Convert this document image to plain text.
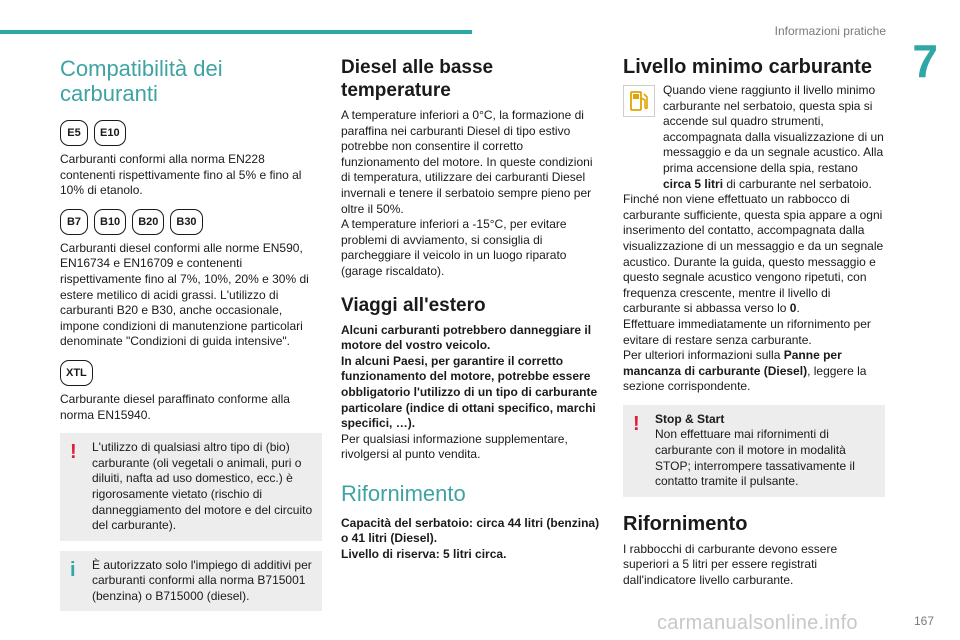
Informazioni pratiche
7
Compatibilità dei carburanti
E5	E10

Carburanti conformi alla norma EN228 contenenti rispettivamente fino al 5% e fino al 10% di etanolo.

B7	B10	B20	B30

Carburanti diesel conformi alle norme EN590, EN16734 e EN16709 e contenenti rispettivamente fino al 7%, 10%, 20% e 30% di estere metilico di acidi grassi. L'utilizzo di carburanti B20 e B30, anche occasionale, impone condizioni di manutenzione particolari denominate "Condizioni di guida intensive".

XTL

Carburante diesel paraffinato conforme alla norma EN15940.

! L'utilizzo di qualsiasi altro tipo di (bio) carburante (oli vegetali o animali, puri o diluiti, nafta ad uso domestico, ecc.) è rigorosamente vietato (rischio di danneggiamento del motore e del circuito del carburante).

i È autorizzato solo l'impiego di additivi per carburanti conformi alla norma B715001 (benzina) o B715000 (diesel).

Diesel alle basse temperature

A temperature inferiori a 0°C, la formazione di paraffina nei carburanti Diesel di tipo estivo potrebbe non consentire il corretto funzionamento del motore. In queste condizioni di temperatura, utilizzare dei carburanti Diesel invernali e tenere il serbatoio sempre pieno per oltre il 50%.

A temperature inferiori a -15°C, per evitare problemi di avviamento, si consiglia di parcheggiare il veicolo in un luogo riparato (garage riscaldato).

Viaggi all'estero

Alcuni carburanti potrebbero danneggiare il motore del vostro veicolo.

In alcuni Paesi, per garantire il corretto funzionamento del motore, potrebbe essere obbligatorio l'utilizzo di un tipo di carburante particolare (indice di ottani specifico, marchi specifici, …).

Per qualsiasi informazione supplementare, rivolgersi al punto vendita.

Rifornimento

Capacità del serbatoio: circa 44 litri (benzina) o 41 litri (Diesel).

Livello di riserva: 5 litri circa.

Livello minimo carburante

Quando viene raggiunto il livello minimo carburante nel serbatoio, questa spia si accende sul quadro strumenti, accompagnata dalla visualizzazione di un messaggio e da un segnale acustico. Alla prima accensione della spia, restano circa 5 litri di carburante nel serbatoio.

Finché non viene effettuato un rabbocco di carburante sufficiente, questa spia appare a ogni inserimento del contatto, accompagnata dalla visualizzazione di un messaggio e da un segnale acustico. Durante la guida, questo messaggio e questo segnale acustico vengono ripetuti, con frequenza crescente, mentre il livello di carburante si abbassa verso lo 0.

Effettuare immediatamente un rifornimento per evitare di restare senza carburante.

Per ulteriori informazioni sulla Panne per mancanza di carburante (Diesel), leggere la sezione corrispondente.

! Stop & Start

Non effettuare mai rifornimenti di carburante con il motore in modalità STOP; interrompere tassativamente il contatto tramite il pulsante.

Rifornimento

I rabbocchi di carburante devono essere superiori a 5 litri per essere registrati dall'indicatore livello carburante.

carmanualsonline.info	167
